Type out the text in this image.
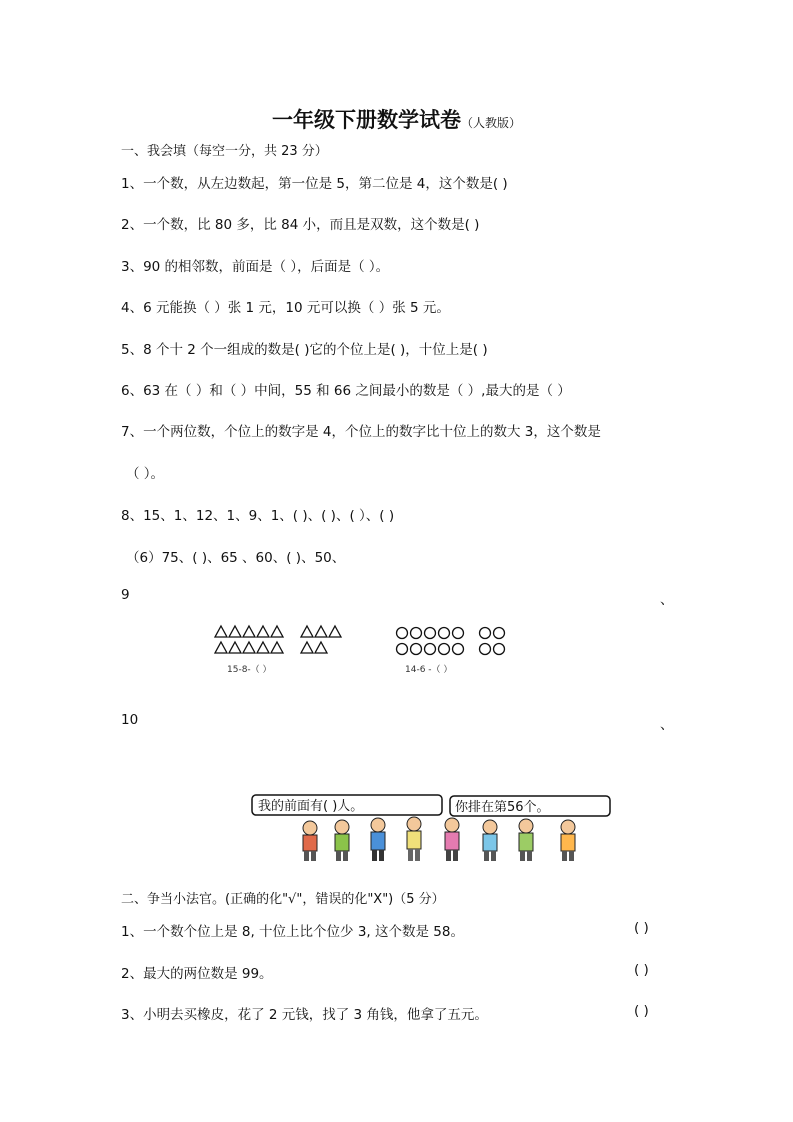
一年级下册数学试卷（人教版）
一、我会填（每空一分，共 23 分）
1、一个数，从左边数起，第一位是 5，第二位是 4，这个数是( )
2、一个数，比 80 多，比 84 小，而且是双数，这个数是( )
3、90 的相邻数，前面是（ ），后面是（ ）。
4、6 元能换（ ）张 1 元，10 元可以换（ ）张 5 元。
5、8 个十 2 个一组成的数是( )它的个位上是( )，十位上是( )
6、63 在（ ）和（ ）中间，55 和 66 之间最小的数是（ ）,最大的是（ ）
7、一个两位数，个位上的数字是 4，个位上的数字比十位上的数大 3，这个数是
（ ）。
8、15、1、12、1、9、1、( )、( )、( ）、( )
（6）75、( )、65 、60、( )、50、
9	、
15-8-（ ）	14-6 -（ ）
10	、
我的前面有( )人。	你排在第56个。
二、争当小法官。(正确的化"√"，错误的化"X")（5 分）
1、一个数个位上是 8, 十位上比个位少 3, 这个数是 58。	( )
2、最大的两位数是 99。	( )
3、小明去买橡皮，花了 2 元钱，找了 3 角钱，他拿了五元。	( )
